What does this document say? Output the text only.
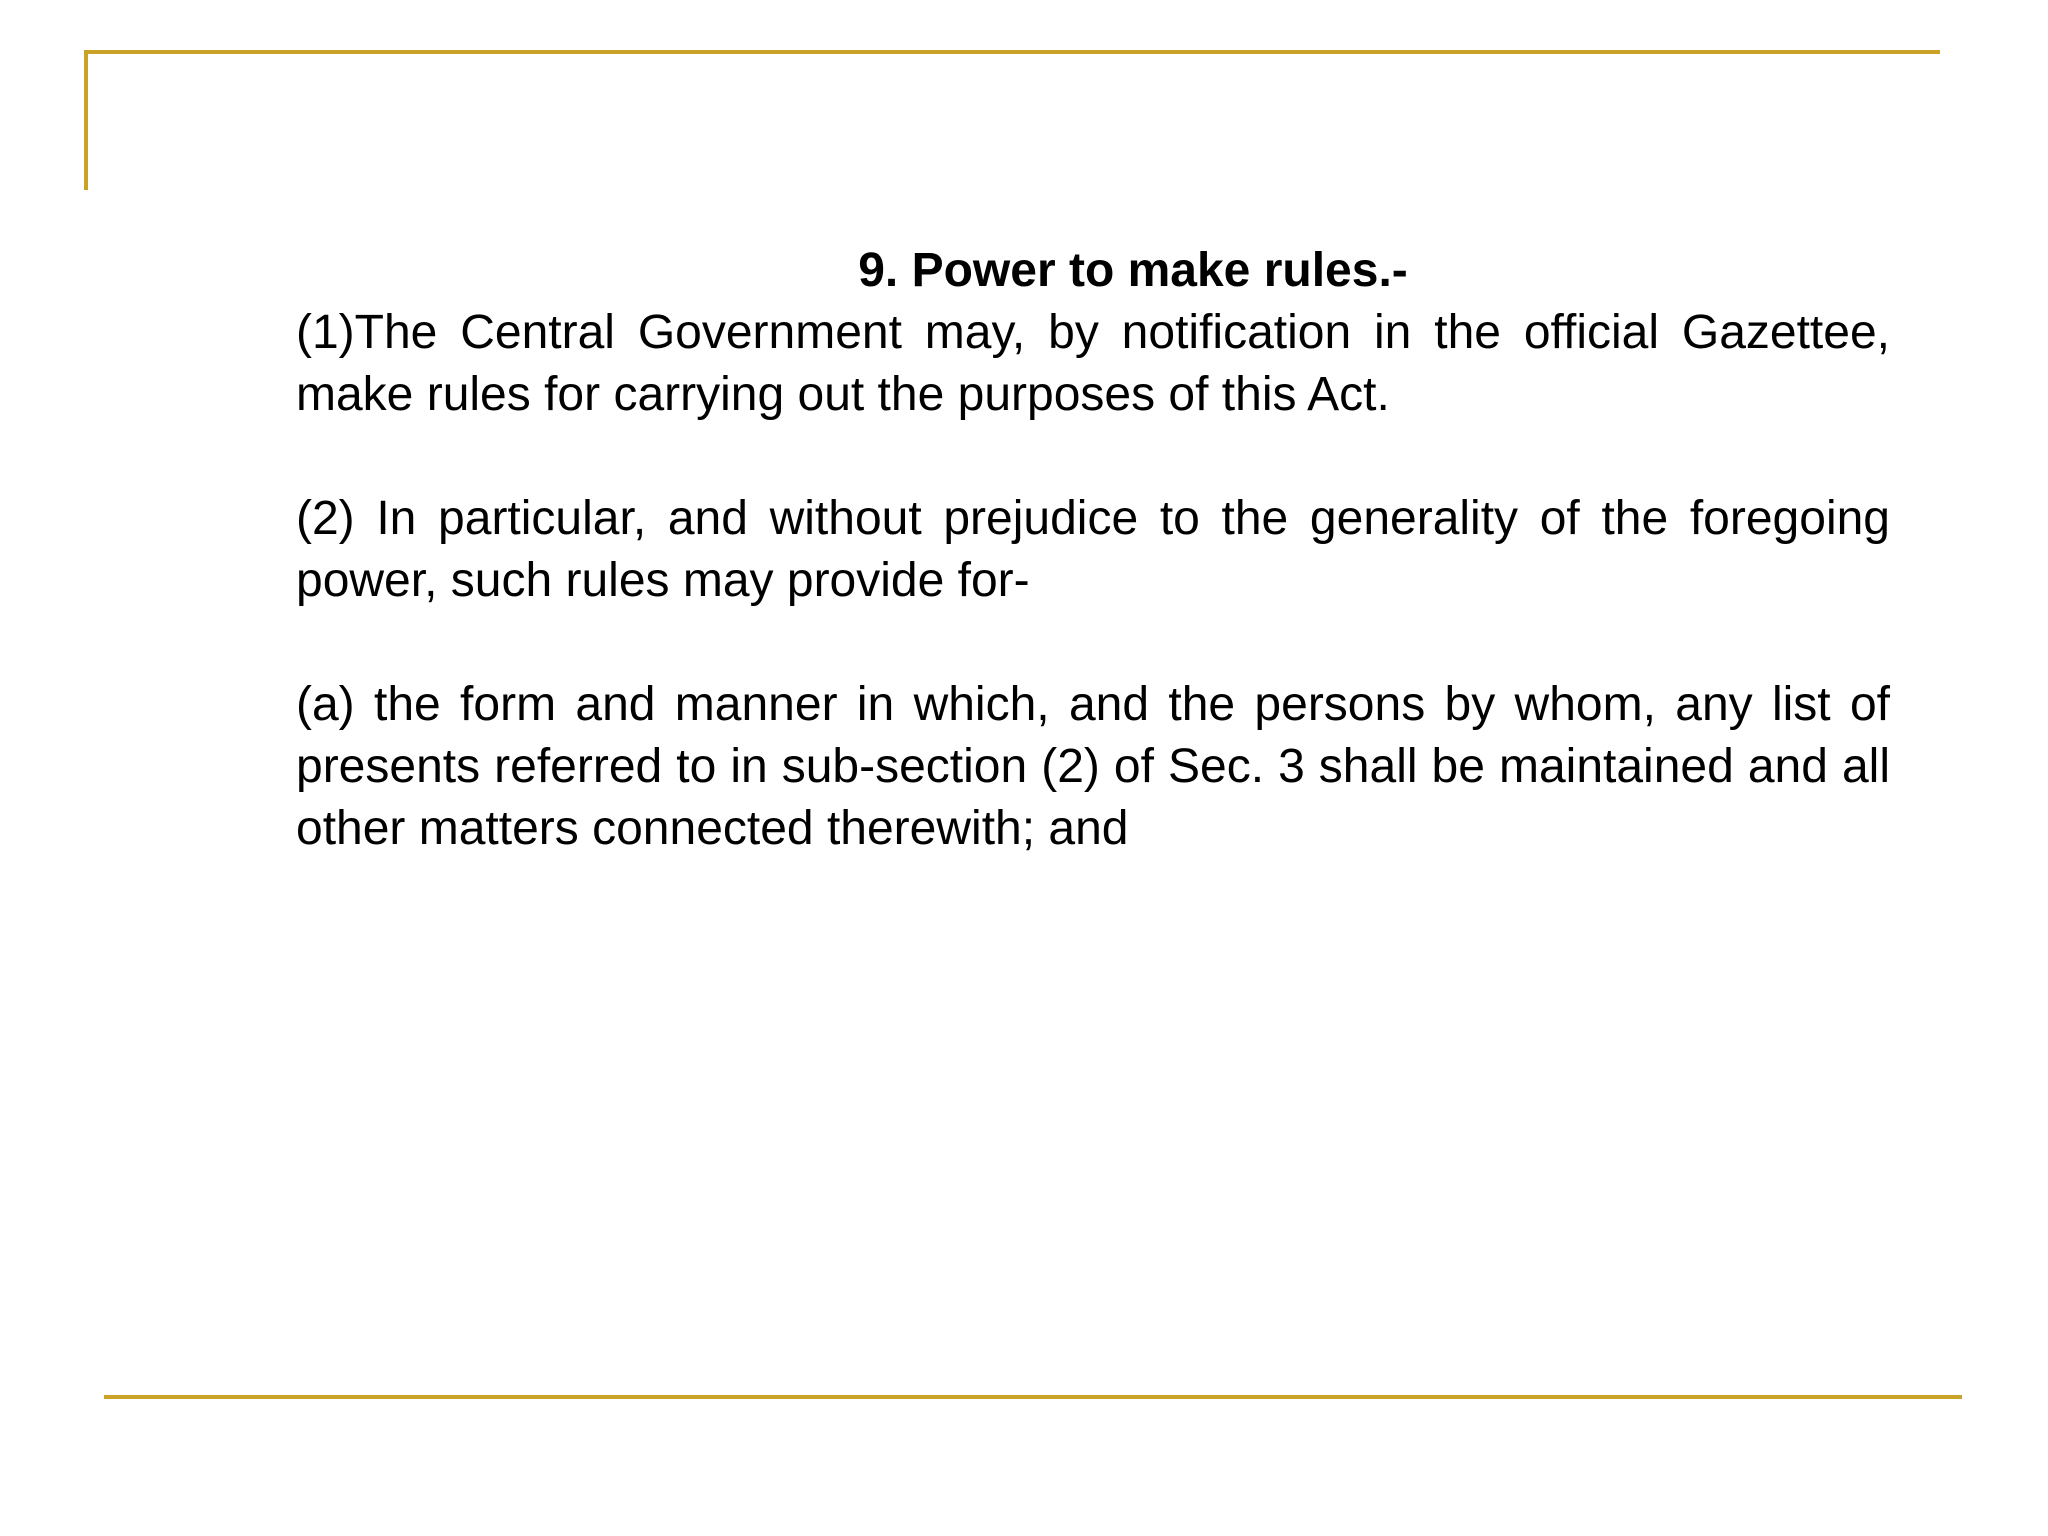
9. Power to make rules.-

(1)The Central Government may, by notification in the official Gazettee, make rules for carrying out the purposes of this Act.

(2) In particular, and without prejudice to the generality of the foregoing power, such rules may provide for-

(a) the form and manner in which, and the persons by whom, any list of presents referred to in sub-section (2) of Sec. 3 shall be maintained and all other matters connected therewith; and
